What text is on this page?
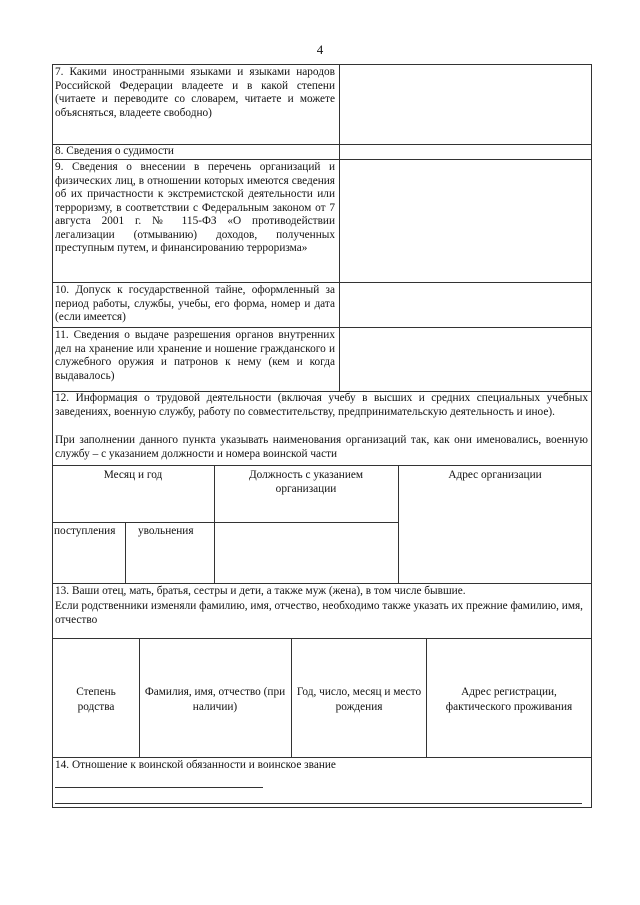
4
7. Какими иностранными языками и языками народов Российской Федерации владеете и в какой степени (читаете и переводите со словарем, читаете и можете объясняться, владеете свободно)
8. Сведения о судимости
9. Сведения о внесении в перечень организаций и физических лиц, в отношении которых имеются сведения об их причастности к экстремистской деятельности или терроризму, в соответствии с Федеральным законом от 7 августа 2001 г. № 115-ФЗ «О противодействии легализации (отмыванию) доходов, полученных преступным путем, и финансированию терроризма»
10. Допуск к государственной тайне, оформленный за период работы, службы, учебы, его форма, номер и дата (если имеется)
11. Сведения о выдаче разрешения органов внутренних дел на хранение или хранение и ношение гражданского и служебного оружия и патронов к нему (кем и когда выдавалось)
12. Информация о трудовой деятельности (включая учебу в высших и средних специальных учебных заведениях, военную службу, работу по совместительству, предпринимательскую деятельность и иное).
При заполнении данного пункта указывать наименования организаций так, как они именовались, военную службу – с указанием должности и номера воинской части
Месяц и год	Должность с указанием организации
Адрес организации
поступления	увольнения
13. Ваши отец, мать, братья, сестры и дети, а также муж (жена), в том числе бывшие.
Если родственники изменяли фамилию, имя, отчество, необходимо также указать их прежние фамилию, имя, отчество
Степень родства
Фамилия, имя, отчество (при наличии)
Год, число, месяц и место рождения
Адрес регистрации, фактического проживания
14. Отношение к воинской обязанности и воинское звание
